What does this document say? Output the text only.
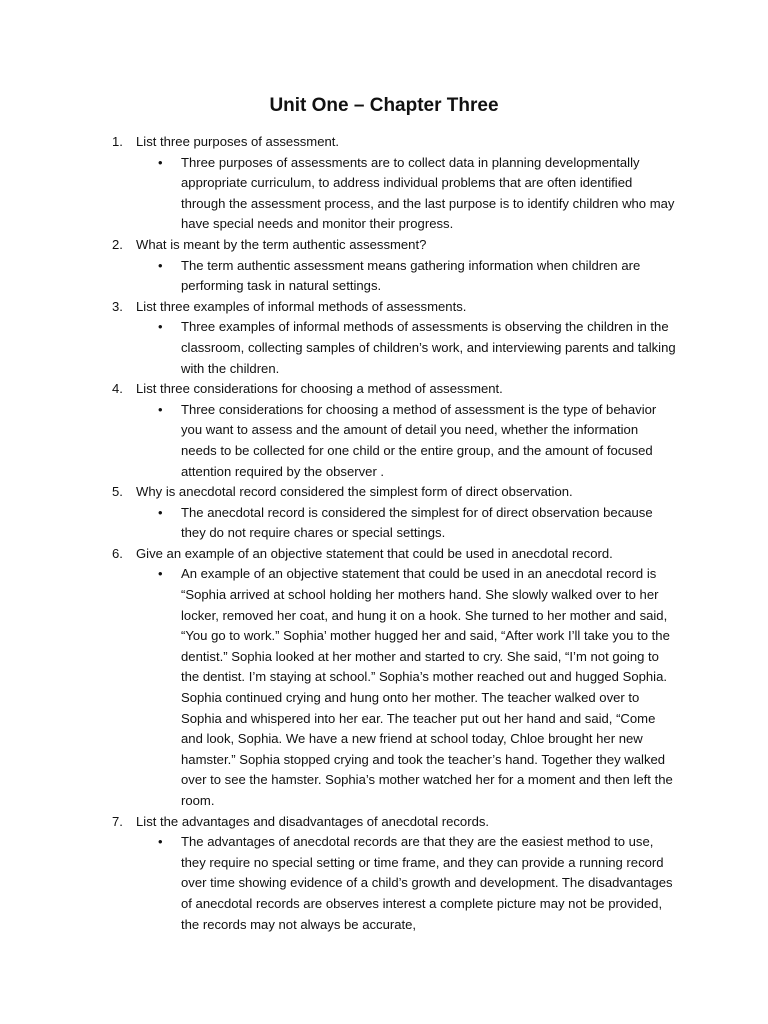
Unit One – Chapter Three
1. List three purposes of assessment.
• Three purposes of assessments are to collect data in planning developmentally appropriate curriculum, to address individual problems that are often identified through the assessment process, and the last purpose is to identify children who may have special needs and monitor their progress.
2. What is meant by the term authentic assessment?
• The term authentic assessment means gathering information when children are performing task in natural settings.
3. List three examples of informal methods of assessments.
• Three examples of informal methods of assessments is observing the children in the classroom, collecting samples of children’s work, and interviewing parents and talking with the children.
4. List three considerations for choosing a method of assessment.
• Three considerations for choosing a method of assessment is the type of behavior you want to assess and the amount of detail you need, whether the information needs to be collected for one child or the entire group, and the amount of focused attention required by the observer .
5. Why is anecdotal record considered the simplest form of direct observation.
• The anecdotal record is considered the simplest for of direct observation because they do not require chares or special settings.
6. Give an example of an objective statement that could be used in anecdotal record.
• An example of an objective statement that could be used in an anecdotal record is “Sophia arrived at school holding her mothers hand. She slowly walked over to her locker, removed her coat, and hung it on a hook. She turned to her mother and said, “You go to work.” Sophia’ mother hugged her and said, “After work I’ll take you to the dentist.” Sophia looked at her mother and started to cry. She said, “I’m not going to the dentist. I’m staying at school.” Sophia’s mother reached out and hugged Sophia. Sophia continued crying and hung onto her mother. The teacher walked over to Sophia and whispered into her ear. The teacher put out her hand and said, “Come and look, Sophia. We have a new friend at school today, Chloe brought her new hamster.” Sophia stopped crying and took the teacher’s hand. Together they walked over to see the hamster. Sophia’s mother watched her for a moment and then left the room.
7. List the advantages and disadvantages of anecdotal records.
• The advantages of anecdotal records are that they are the easiest method to use, they require no special setting or time frame, and they can provide a running record over time showing evidence of a child’s growth and development. The disadvantages of anecdotal records are observes interest a complete picture may not be provided, the records may not always be accurate,
